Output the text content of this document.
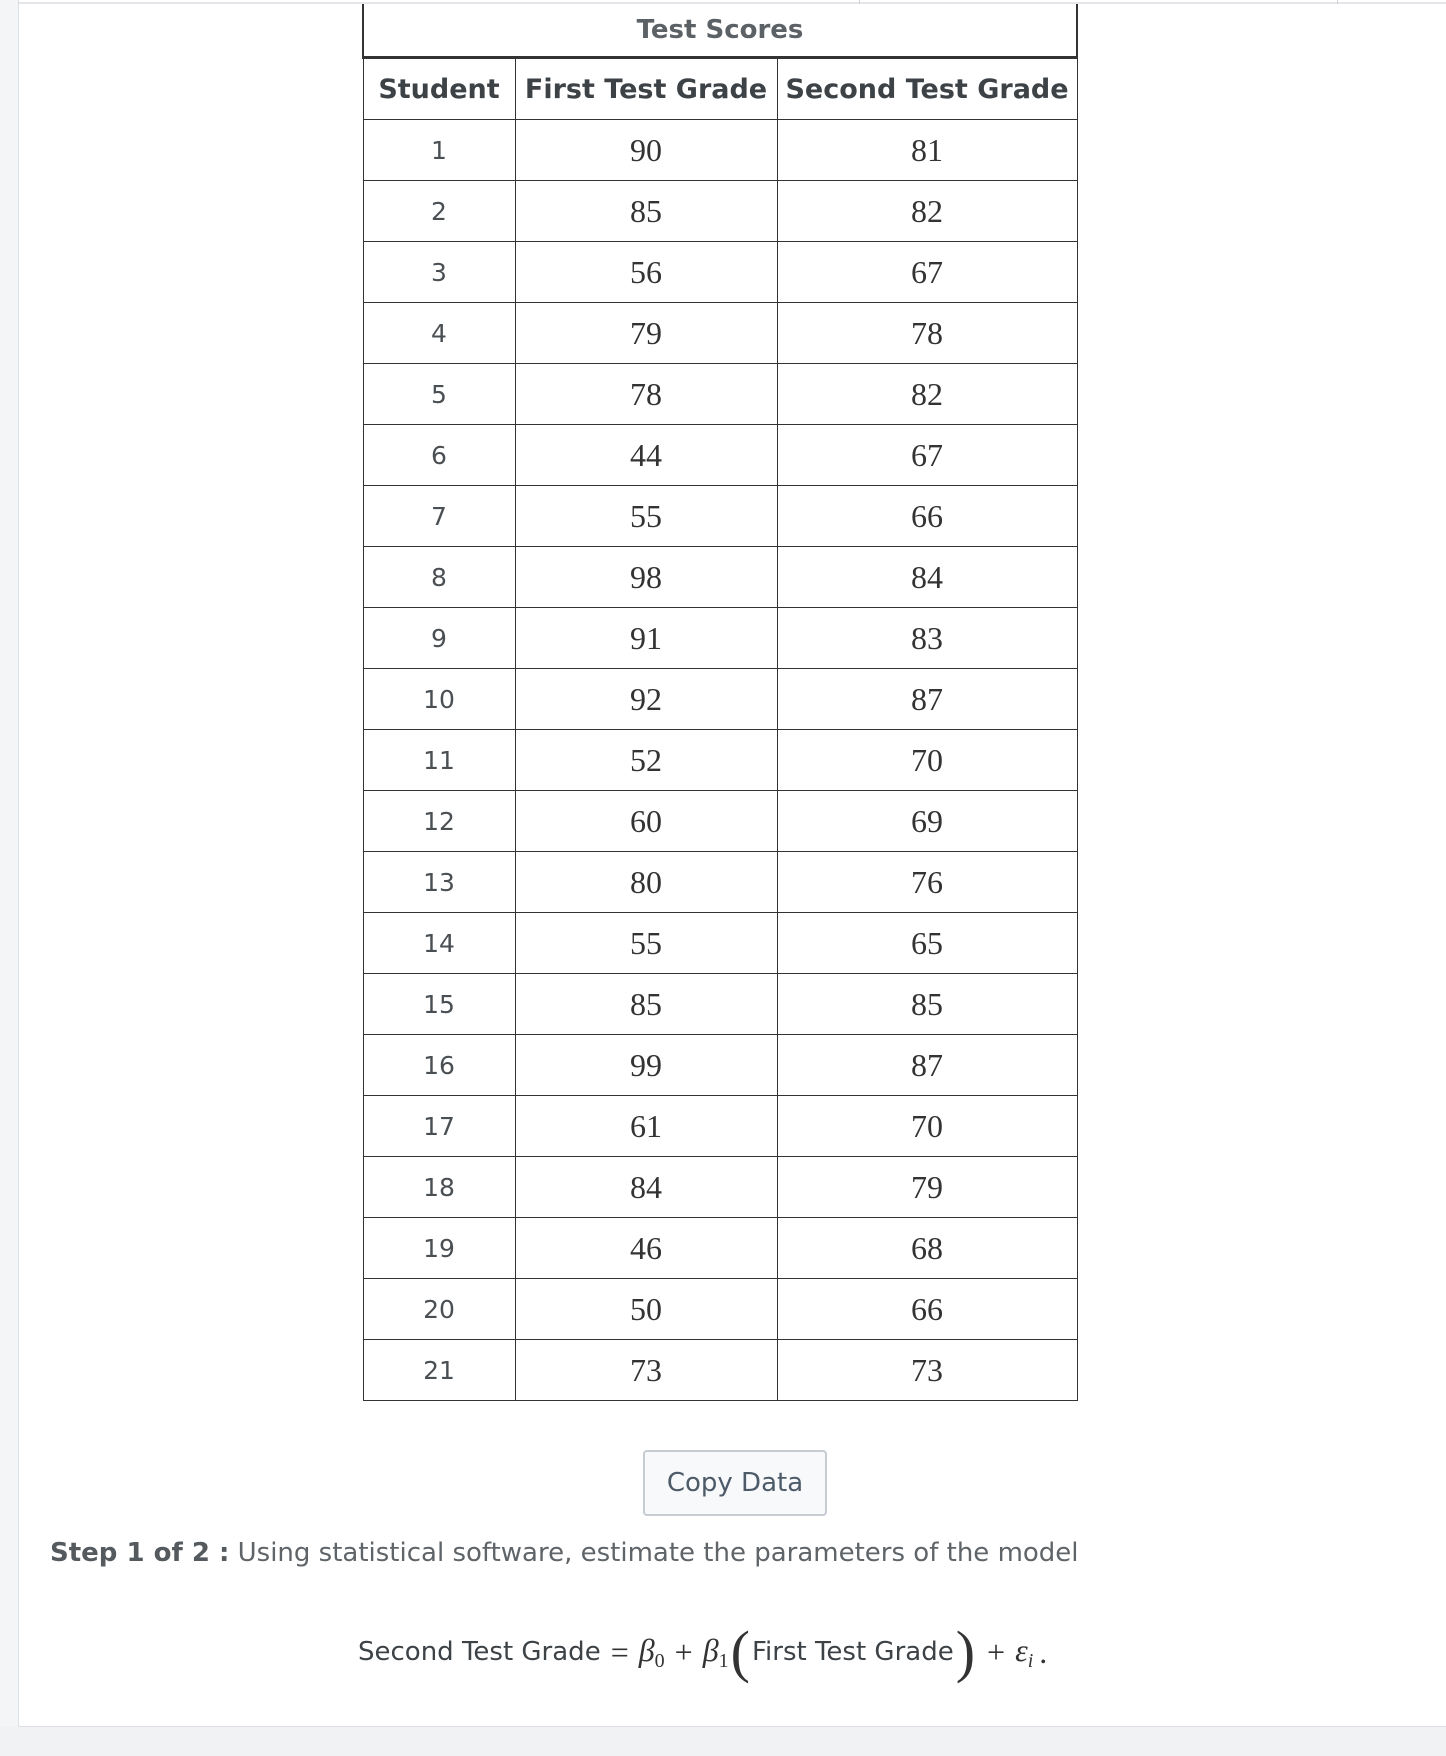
Test Scores		
Student	First Test Grade	Second Test Grade
1	90	81
2	85	82
3	56	67
4	79	78
5	78	82
6	44	67
7	55	66
8	98	84
9	91	83
10	92	87
11	52	70
12	60	69
13	80	76
14	55	65
15	85	85
16	99	87
17	61	70
18	84	79
19	46	68
20	50	66
21	73	73
Copy Data
Step 1 of 2 : Using statistical software, estimate the parameters of the model
Second Test Grade = β0 + β1 ( First Test Grade ) + εi .
